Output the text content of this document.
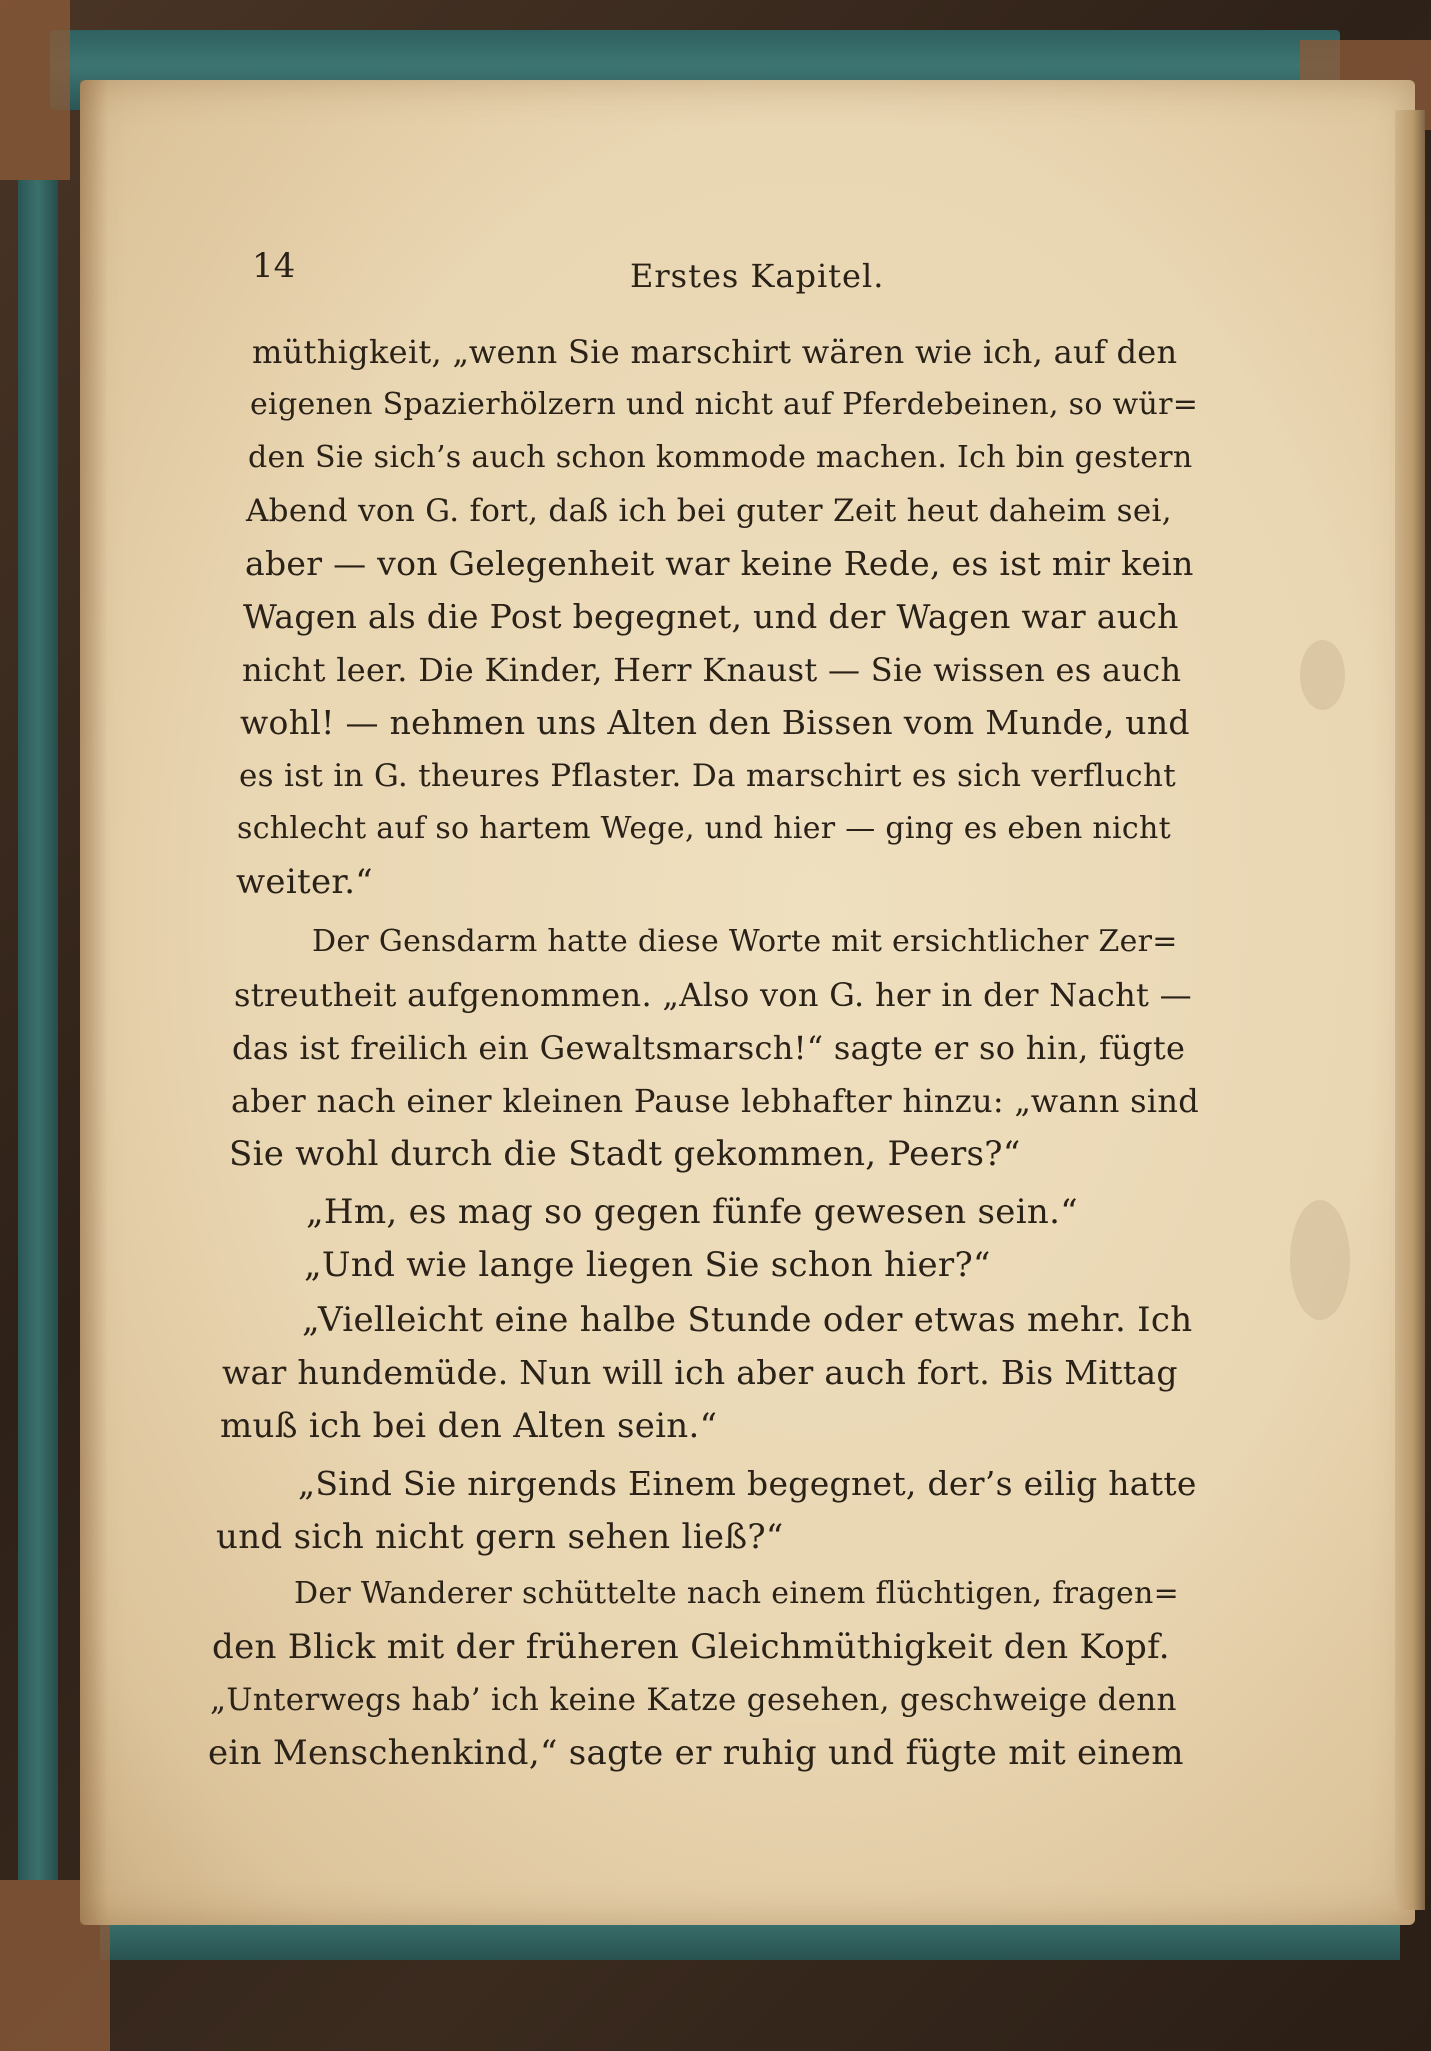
14	Erstes Kapitel.
müthigkeit, „wenn Sie marschirt wären wie ich, auf den
eigenen Spazierhölzern und nicht auf Pferdebeinen, so wür=
den Sie sich’s auch schon kommode machen. Ich bin gestern
Abend von G. fort, daß ich bei guter Zeit heut daheim sei,
aber — von Gelegenheit war keine Rede, es ist mir kein
Wagen als die Post begegnet, und der Wagen war auch
nicht leer. Die Kinder, Herr Knaust — Sie wissen es auch
wohl! — nehmen uns Alten den Bissen vom Munde, und
es ist in G. theures Pflaster. Da marschirt es sich verflucht
schlecht auf so hartem Wege, und hier — ging es eben nicht
weiter.“
Der Gensdarm hatte diese Worte mit ersichtlicher Zer=
streutheit aufgenommen. „Also von G. her in der Nacht —
das ist freilich ein Gewaltsmarsch!“ sagte er so hin, fügte
aber nach einer kleinen Pause lebhafter hinzu: „wann sind
Sie wohl durch die Stadt gekommen, Peers?“
„Hm, es mag so gegen fünfe gewesen sein.“
„Und wie lange liegen Sie schon hier?“
„Vielleicht eine halbe Stunde oder etwas mehr. Ich
war hundemüde. Nun will ich aber auch fort. Bis Mittag
muß ich bei den Alten sein.“
„Sind Sie nirgends Einem begegnet, der’s eilig hatte
und sich nicht gern sehen ließ?“
Der Wanderer schüttelte nach einem flüchtigen, fragen=
den Blick mit der früheren Gleichmüthigkeit den Kopf.
„Unterwegs hab’ ich keine Katze gesehen, geschweige denn
ein Menschenkind,“ sagte er ruhig und fügte mit einem
